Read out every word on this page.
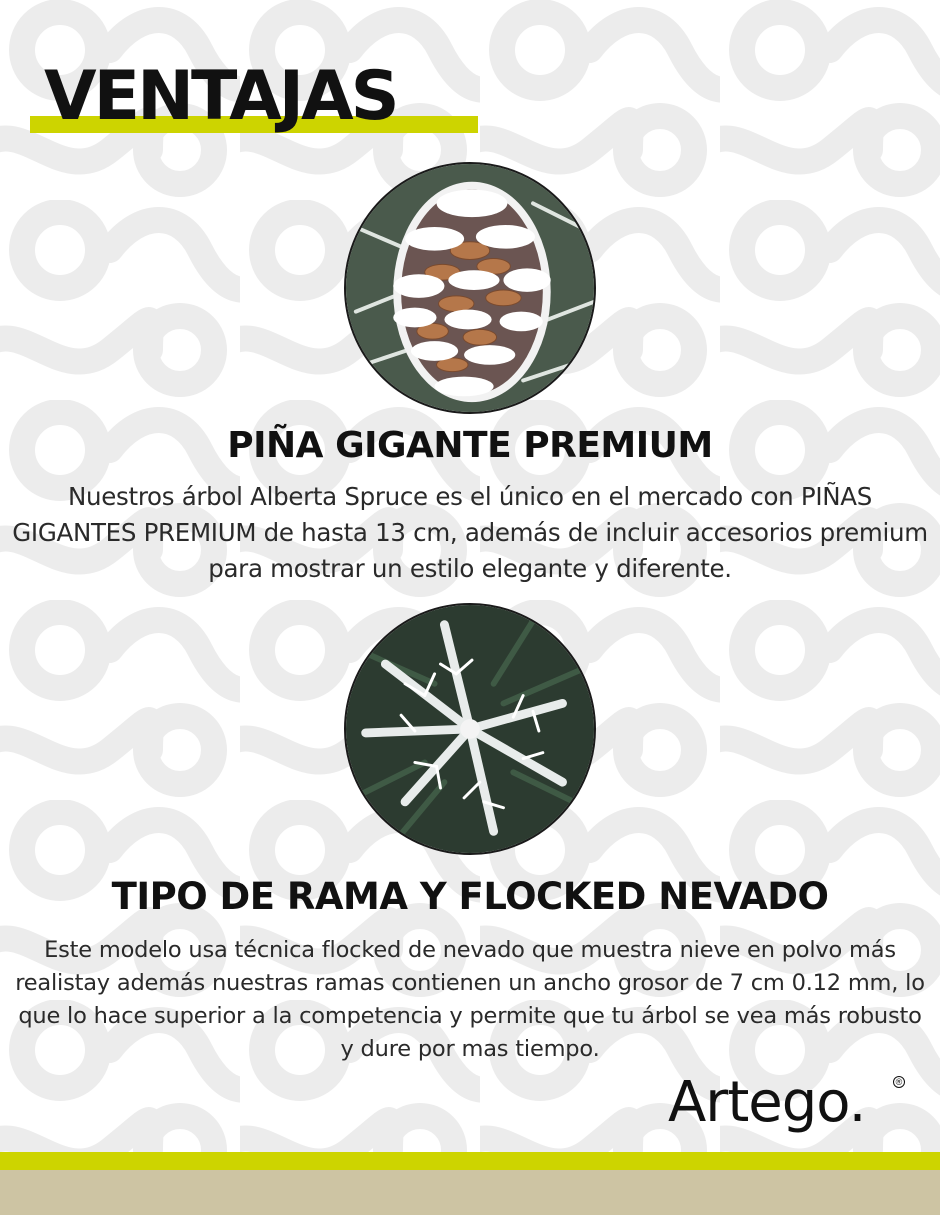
VENTAJAS
PIÑA GIGANTE PREMIUM

Nuestros árbol Alberta Spruce es el único en el mercado con PIÑAS GIGANTES PREMIUM de hasta 13 cm, además de incluir accesorios premium para mostrar un estilo elegante y diferente.

TIPO DE RAMA Y FLOCKED NEVADO

Este modelo usa técnica flocked de nevado que muestra nieve en polvo más realistay además nuestras ramas contienen un ancho grosor de 7 cm 0.12 mm, lo que lo hace superior a la competencia y permite que tu árbol se vea más robusto y dure por mas tiempo.

Artego.	®
